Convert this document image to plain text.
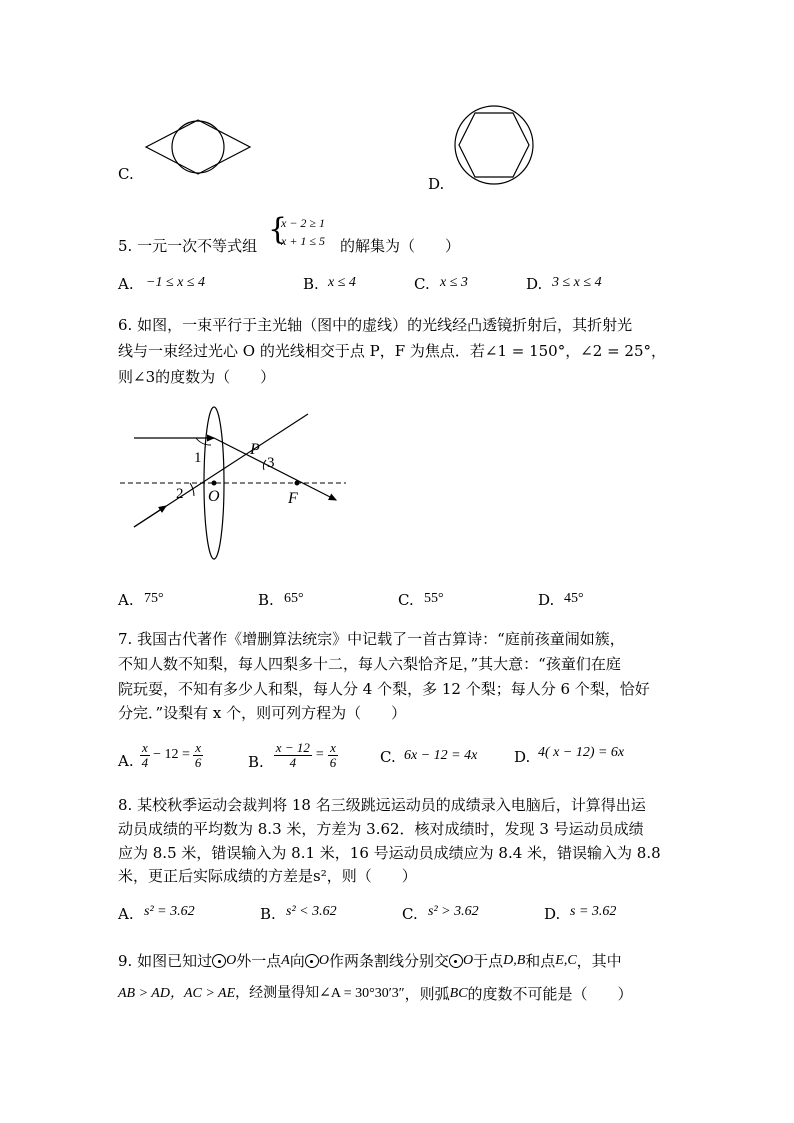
C.
D.
5. 一元一次不等式组 {
x − 2 ≥ 1
x + 1 ≤ 5 的解集为（　　）
A. −1 ≤ x ≤ 4	B. x ≤ 4	C. x ≤ 3	D. 3 ≤ x ≤ 4
6. 如图，一束平行于主光轴（图中的虚线）的光线经凸透镜折射后，其折射光
线与一束经过光心 O 的光线相交于点 P，F 为焦点．若∠1 = 150°，∠2 = 25°，
则∠3的度数为（　　）
1
2
3
P
O	F
A. 75°	B. 65°	C. 55°	D. 45°
7. 我国古代著作《增删算法统宗》中记载了一首古算诗：“庭前孩童闹如簇，
不知人数不知梨，每人四梨多十二，每人六梨恰齐足，”其大意：“孩童们在庭
院玩耍，不知有多少人和梨，每人分 4 个梨，多 12 个梨；每人分 6 个梨，恰好
分完．”设梨有 x 个，则可列方程为（　　）
A. $\frac{x}{4} - 12 = \frac{x}{6}$	B. $\frac{x - 12}{4} = \frac{x}{6}$	C. 6x − 12 = 4x D. 4( x − 12) = 6x
8. 某校秋季运动会裁判将 18 名三级跳远运动员的成绩录入电脑后，计算得出运
动员成绩的平均数为 8.3 米，方差为 3.62．核对成绩时，发现 3 号运动员成绩
应为 8.5 米，错误输入为 8.1 米，16 号运动员成绩应为 8.4 米，错误输入为 8.8
米，更正后实际成绩的方差是s²，则（　　）
A. s² = 3.62	B. s² < 3.62	C. s² > 3.62	D. s = 3.62
9. 如图已知过 O 外一点 A 向 O 作两条割线分别交 O 于点 D,B 和点 E,C ，其中
AB > AD，AC > AE ，经测量得知∠A = 30°30′3″ ，则弧 BC 的度数不可能是（　　）
